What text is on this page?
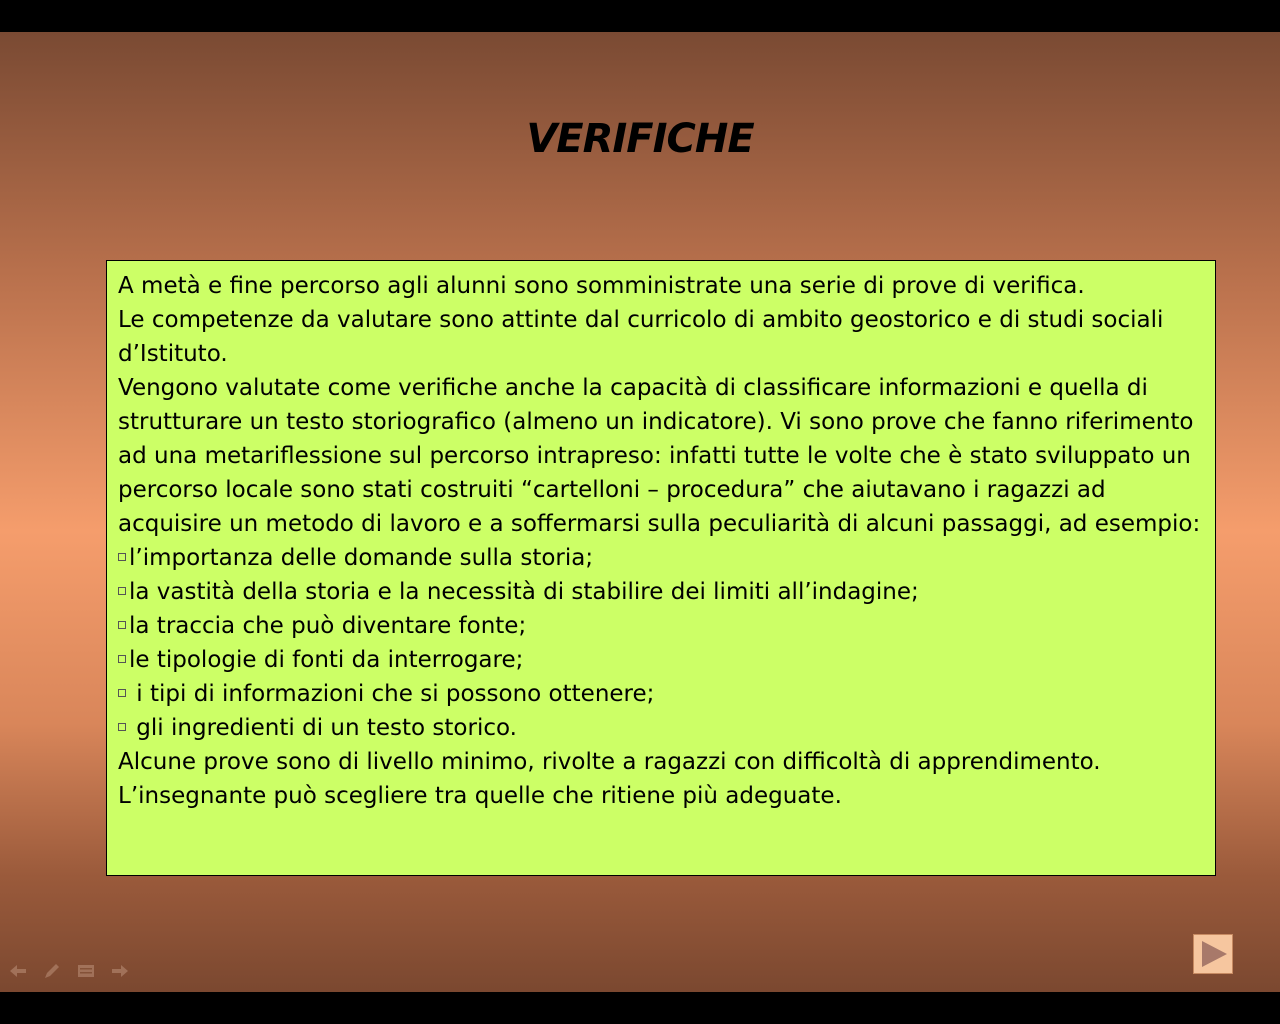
VERIFICHE

A metà e fine percorso agli alunni sono somministrate una serie di prove di verifica.

Le competenze da valutare sono attinte dal curricolo di ambito geostorico e di studi sociali d’Istituto.

Vengono valutate come verifiche anche la capacità di classificare informazioni e quella di strutturare un testo storiografico (almeno un indicatore). Vi sono prove che fanno riferimento ad una metariflessione sul percorso intrapreso: infatti tutte le volte che è stato sviluppato un percorso locale sono stati costruiti “cartelloni – procedura” che aiutavano i ragazzi ad acquisire un metodo di lavoro e a soffermarsi sulla peculiarità di alcuni passaggi, ad esempio:

l’importanza delle domande sulla storia;

la vastità della storia e la necessità di stabilire dei limiti all’indagine;

la traccia che può diventare fonte;

le tipologie di fonti da interrogare;

i tipi di informazioni che si possono ottenere;

gli ingredienti di un testo storico.

Alcune prove sono di livello minimo, rivolte a ragazzi con difficoltà di apprendimento. L’insegnante può scegliere tra quelle che ritiene più adeguate.
